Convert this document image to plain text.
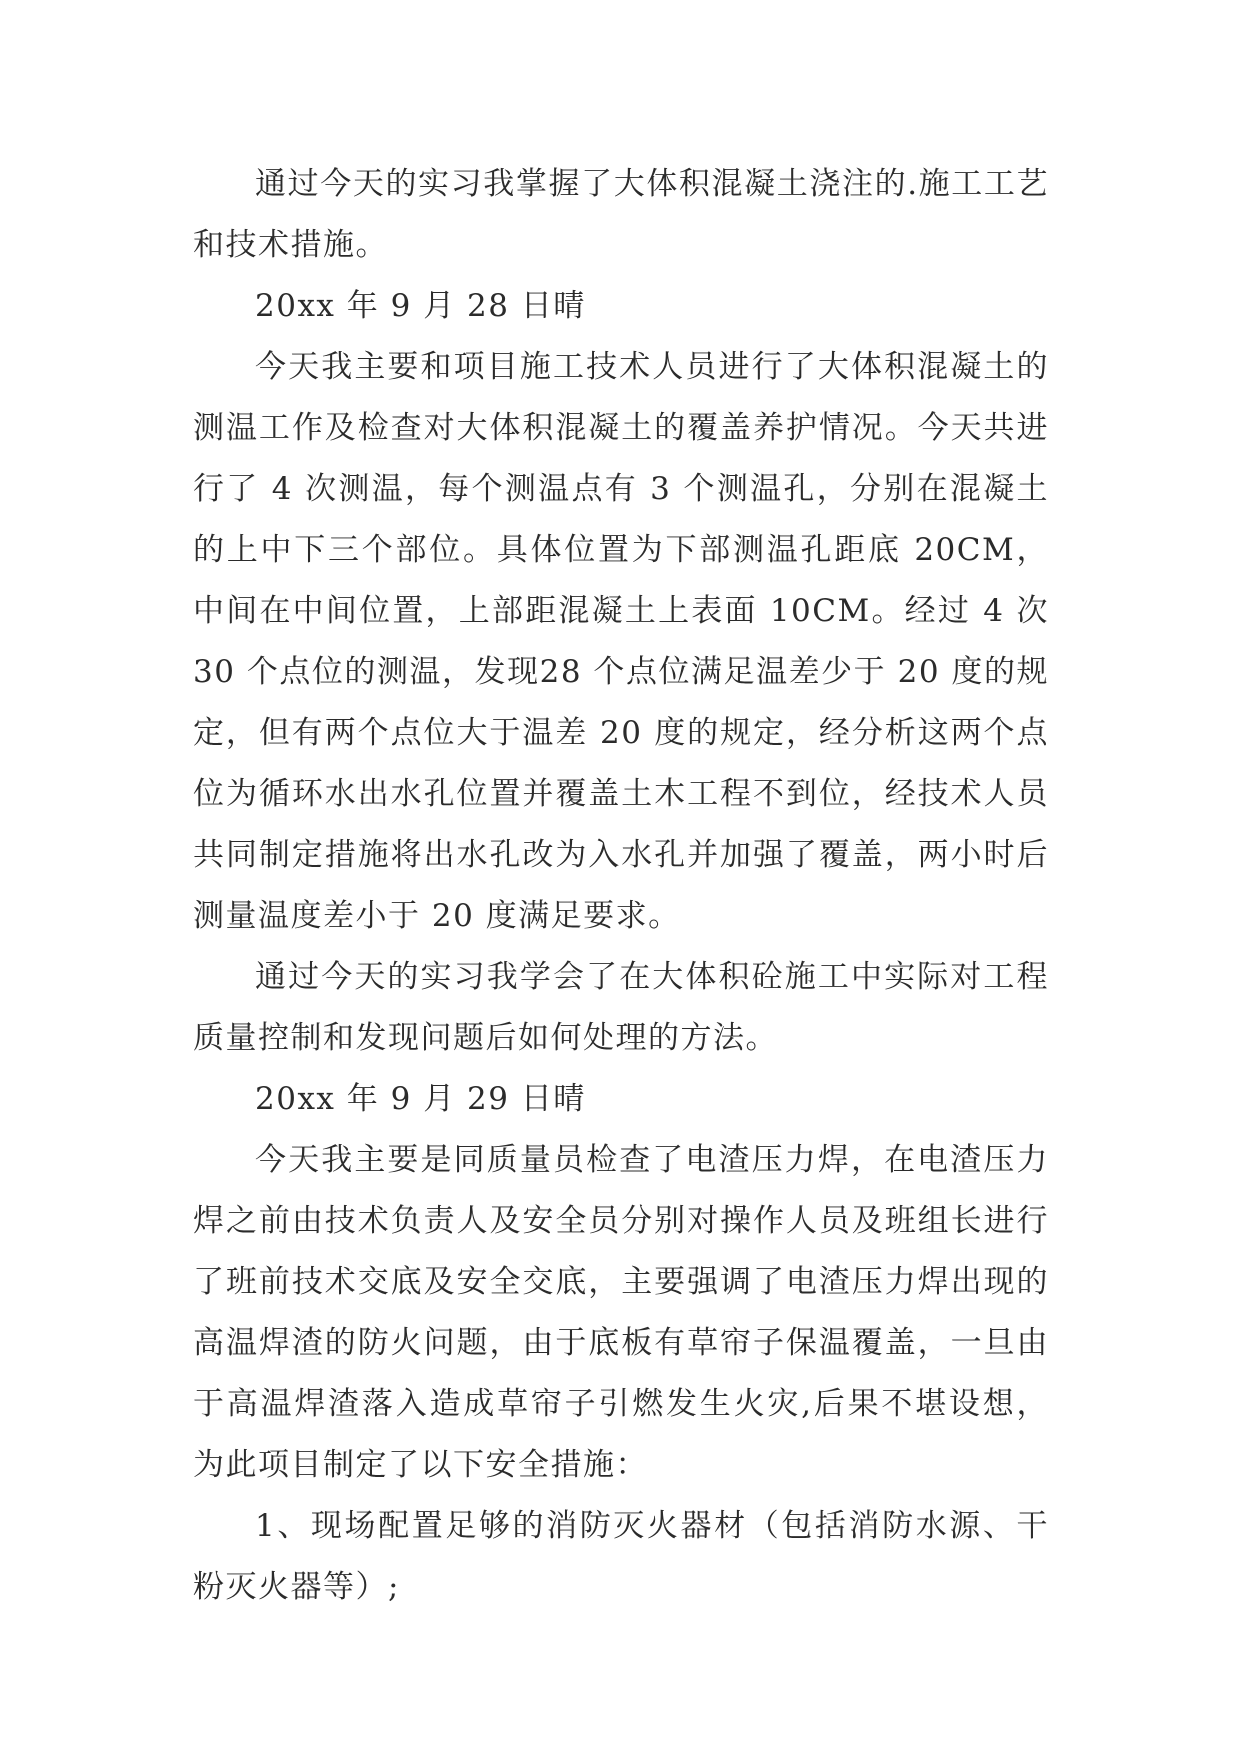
通过今天的实习我掌握了大体积混凝土浇注的.施工工艺和技术措施。

20xx 年 9 月 28 日晴

今天我主要和项目施工技术人员进行了大体积混凝土的测温工作及检查对大体积混凝土的覆盖养护情况。今天共进行了 4 次测温，每个测温点有 3 个测温孔，分别在混凝土的上中下三个部位。具体位置为下部测温孔距底 20CM，中间在中间位置，上部距混凝土上表面 10CM。经过 4 次 30 个点位的测温，发现28 个点位满足温差少于 20 度的规定，但有两个点位大于温差 20 度的规定，经分析这两个点位为循环水出水孔位置并覆盖土木工程不到位，经技术人员共同制定措施将出水孔改为入水孔并加强了覆盖，两小时后测量温度差小于 20 度满足要求。

通过今天的实习我学会了在大体积砼施工中实际对工程质量控制和发现问题后如何处理的方法。

20xx 年 9 月 29 日晴

今天我主要是同质量员检查了电渣压力焊，在电渣压力焊之前由技术负责人及安全员分别对操作人员及班组长进行了班前技术交底及安全交底，主要强调了电渣压力焊出现的高温焊渣的防火问题，由于底板有草帘子保温覆盖，一旦由于高温焊渣落入造成草帘子引燃发生火灾,后果不堪设想，为此项目制定了以下安全措施：

1、现场配置足够的消防灭火器材（包括消防水源、干粉灭火器等）;
